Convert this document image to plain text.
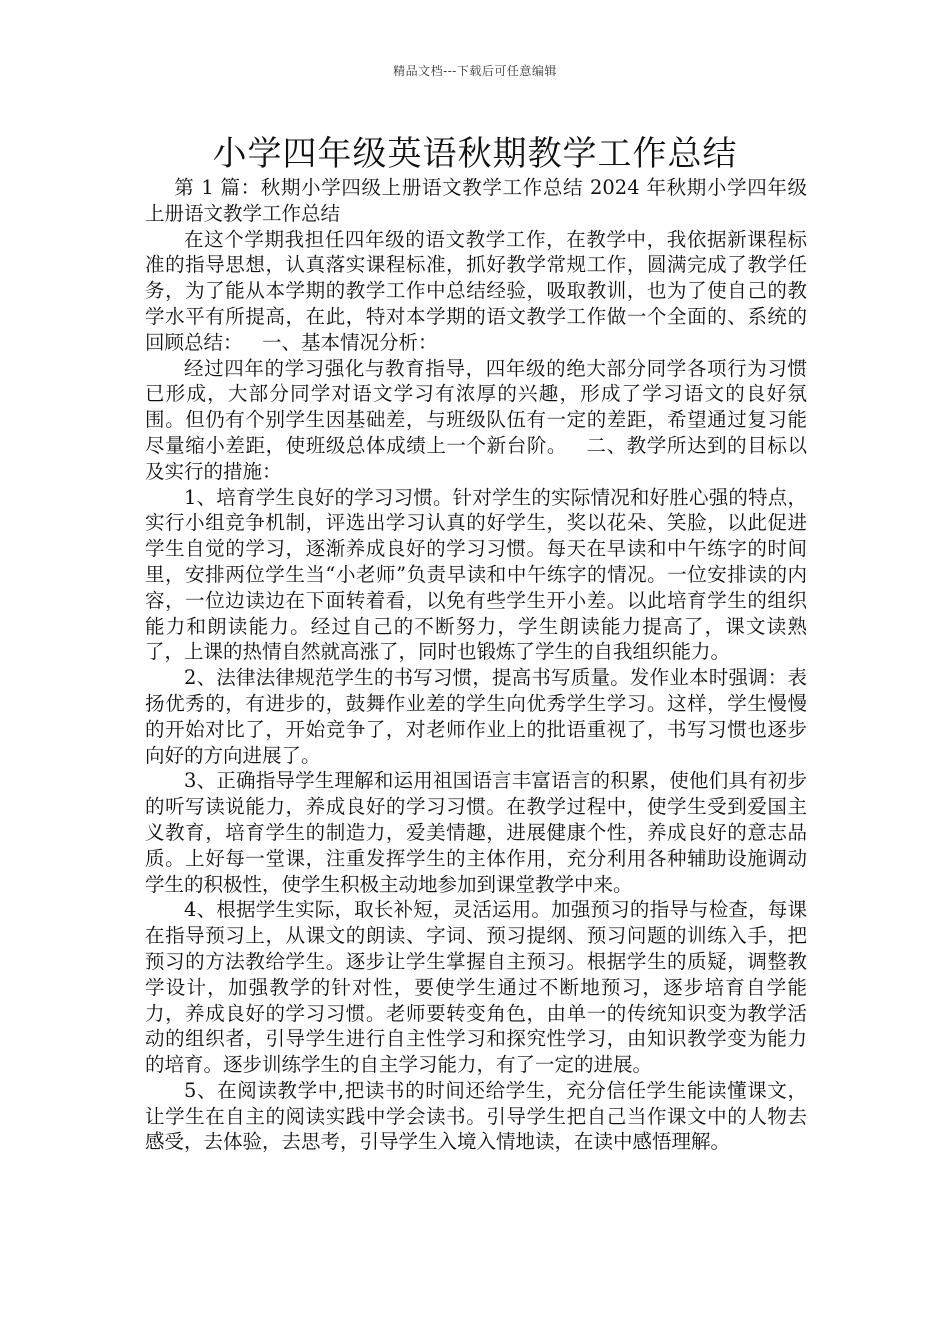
精品文档---下载后可任意编辑
小学四年级英语秋期教学工作总结

第 1 篇：秋期小学四级上册语文教学工作总结 2024 年秋期小学四年级上册语文教学工作总结

在这个学期我担任四年级的语文教学工作，在教学中，我依据新课程标准的指导思想，认真落实课程标准，抓好教学常规工作，圆满完成了教学任务，为了能从本学期的教学工作中总结经验，吸取教训，也为了使自己的教学水平有所提高，在此，特对本学期的语文教学工作做一个全面的、系统的回顾总结： 一、基本情况分析：

经过四年的学习强化与教育指导，四年级的绝大部分同学各项行为习惯已形成，大部分同学对语文学习有浓厚的兴趣，形成了学习语文的良好氛围。但仍有个别学生因基础差，与班级队伍有一定的差距，希望通过复习能尽量缩小差距，使班级总体成绩上一个新台阶。 二、教学所达到的目标以及实行的措施：

1、培育学生良好的学习习惯。针对学生的实际情况和好胜心强的特点，实行小组竞争机制，评选出学习认真的好学生，奖以花朵、笑脸，以此促进学生自觉的学习，逐渐养成良好的学习习惯。每天在早读和中午练字的时间里，安排两位学生当“小老师”负责早读和中午练字的情况。一位安排读的内容，一位边读边在下面转着看，以免有些学生开小差。以此培育学生的组织能力和朗读能力。经过自己的不断努力，学生朗读能力提高了，课文读熟了，上课的热情自然就高涨了，同时也锻炼了学生的自我组织能力。

2、法律法律规范学生的书写习惯，提高书写质量。发作业本时强调：表扬优秀的，有进步的，鼓舞作业差的学生向优秀学生学习。这样，学生慢慢的开始对比了，开始竞争了，对老师作业上的批语重视了，书写习惯也逐步向好的方向进展了。

3、正确指导学生理解和运用祖国语言丰富语言的积累，使他们具有初步的听写读说能力，养成良好的学习习惯。在教学过程中，使学生受到爱国主义教育，培育学生的制造力，爱美情趣，进展健康个性，养成良好的意志品质。上好每一堂课，注重发挥学生的主体作用，充分利用各种辅助设施调动学生的积极性，使学生积极主动地参加到课堂教学中来。

4、根据学生实际，取长补短，灵活运用。加强预习的指导与检查，每课在指导预习上，从课文的朗读、字词、预习提纲、预习问题的训练入手，把预习的方法教给学生。逐步让学生掌握自主预习。根据学生的质疑，调整教学设计，加强教学的针对性，要使学生通过不断地预习，逐步培育自学能力，养成良好的学习习惯。老师要转变角色，由单一的传统知识变为教学活动的组织者，引导学生进行自主性学习和探究性学习，由知识教学变为能力的培育。逐步训练学生的自主学习能力，有了一定的进展。

5、在阅读教学中,把读书的时间还给学生，充分信任学生能读懂课文，让学生在自主的阅读实践中学会读书。引导学生把自己当作课文中的人物去感受，去体验，去思考，引导学生入境入情地读，在读中感悟理解。
